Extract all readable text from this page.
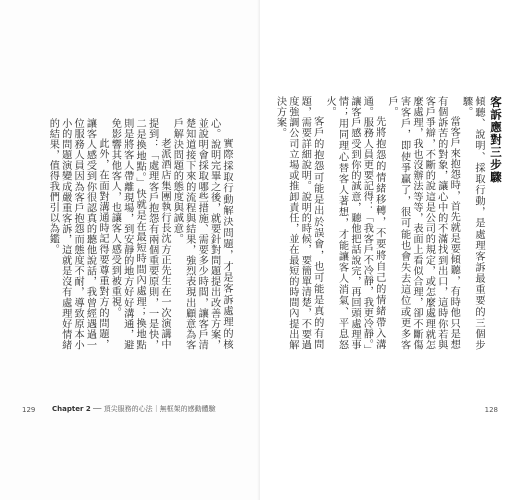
實際採取行動解決問題，才是客訴處理的核心。說明完畢之後，就要針對問題提出改善方案，並說明會採取哪些措施、需要多少時間，讓客戶清楚知道接下來的流程與結果，強烈表現出顧意為客戶解決問題的態度與誠意。

老派酒店集團執行長沈方正先生在一次演講中提到：「處理客戶抱怨有兩個重要原則，一是快，二是換地點。」快就是在最短時間內處理；換地點則是將客人帶離現場，到安靜的地方好好溝通，避免影響其他客人，也讓客人感受到被重視。

此外，在面對溝通時記得要尊重對方的問題，讓客人感受到你很認真的聽他說話，我曾經遇過一位服務人員因為客戶抱怨而態度不耐，導致原本小小的問題演變成嚴重客訴，這就是沒有處理好情緒的結果，值得我們引以為鑑。

129 Chapter 2 ── 頂尖服務的心法｜無框架的感動體驗
客訴應對三步驟

傾聽、說明、採取行動，是處理客訴最重要的三個步驟。

當客戶來抱怨時，首先就是要傾聽，有時他只是想有個訴苦的對象，讓心中的不滿找到出口，這時你若與客戶爭辯，不斷的說這是公司的規定，或怎麼處理就怎麼處理，我也沒辦法等等，表面上看似合理，卻不斷傷害客戶，即使爭贏了，很可能也會失去這位或更多客戶。

先將抱怨的情緒移轉，不要將自己的情緒帶入溝通。服務人員更要記得：「我客戶不冷靜，我更冷靜。」讓客戶感受到你的誠意，聽他把話說完，再回頭處理事情；用同理心替客人著想，才能讓客人消氣、平息怒火。

客戶的抱怨可能是出於誤會，也可能是真的有問題，需要詳細說明。說明的時候，要簡單清楚，不要過度強調公司立場或推卸責任，並在最短的時間內提出解決方案。

128
